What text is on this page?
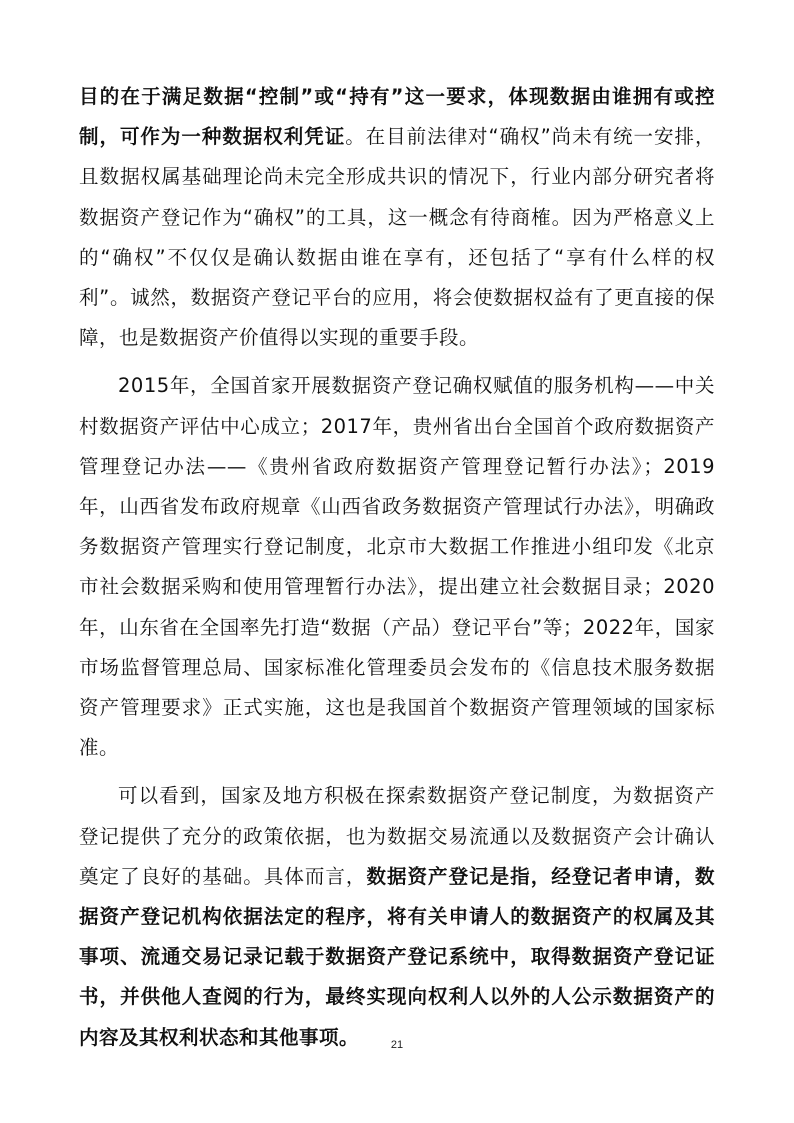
目的在于满足数据“控制”或“持有”这一要求，体现数据由谁拥有或控制，可作为一种数据权利凭证。在目前法律对“确权”尚未有统一安排，且数据权属基础理论尚未完全形成共识的情况下，行业内部分研究者将数据资产登记作为“确权”的工具，这一概念有待商榷。因为严格意义上的“确权”不仅仅是确认数据由谁在享有，还包括了“享有什么样的权利”。诚然，数据资产登记平台的应用，将会使数据权益有了更直接的保障，也是数据资产价值得以实现的重要手段。

2015年，全国首家开展数据资产登记确权赋值的服务机构——中关村数据资产评估中心成立；2017年，贵州省出台全国首个政府数据资产管理登记办法——《贵州省政府数据资产管理登记暂行办法》；2019年，山西省发布政府规章《山西省政务数据资产管理试行办法》，明确政务数据资产管理实行登记制度，北京市大数据工作推进小组印发《北京市社会数据采购和使用管理暂行办法》，提出建立社会数据目录；2020年，山东省在全国率先打造“数据（产品）登记平台”等；2022年，国家市场监督管理总局、国家标准化管理委员会发布的《信息技术服务数据资产管理要求》正式实施，这也是我国首个数据资产管理领域的国家标准。

可以看到，国家及地方积极在探索数据资产登记制度，为数据资产登记提供了充分的政策依据，也为数据交易流通以及数据资产会计确认奠定了良好的基础。具体而言，数据资产登记是指，经登记者申请，数据资产登记机构依据法定的程序，将有关申请人的数据资产的权属及其事项、流通交易记录记载于数据资产登记系统中，取得数据资产登记证书，并供他人查阅的行为，最终实现向权利人以外的人公示数据资产的内容及其权利状态和其他事项。	21
